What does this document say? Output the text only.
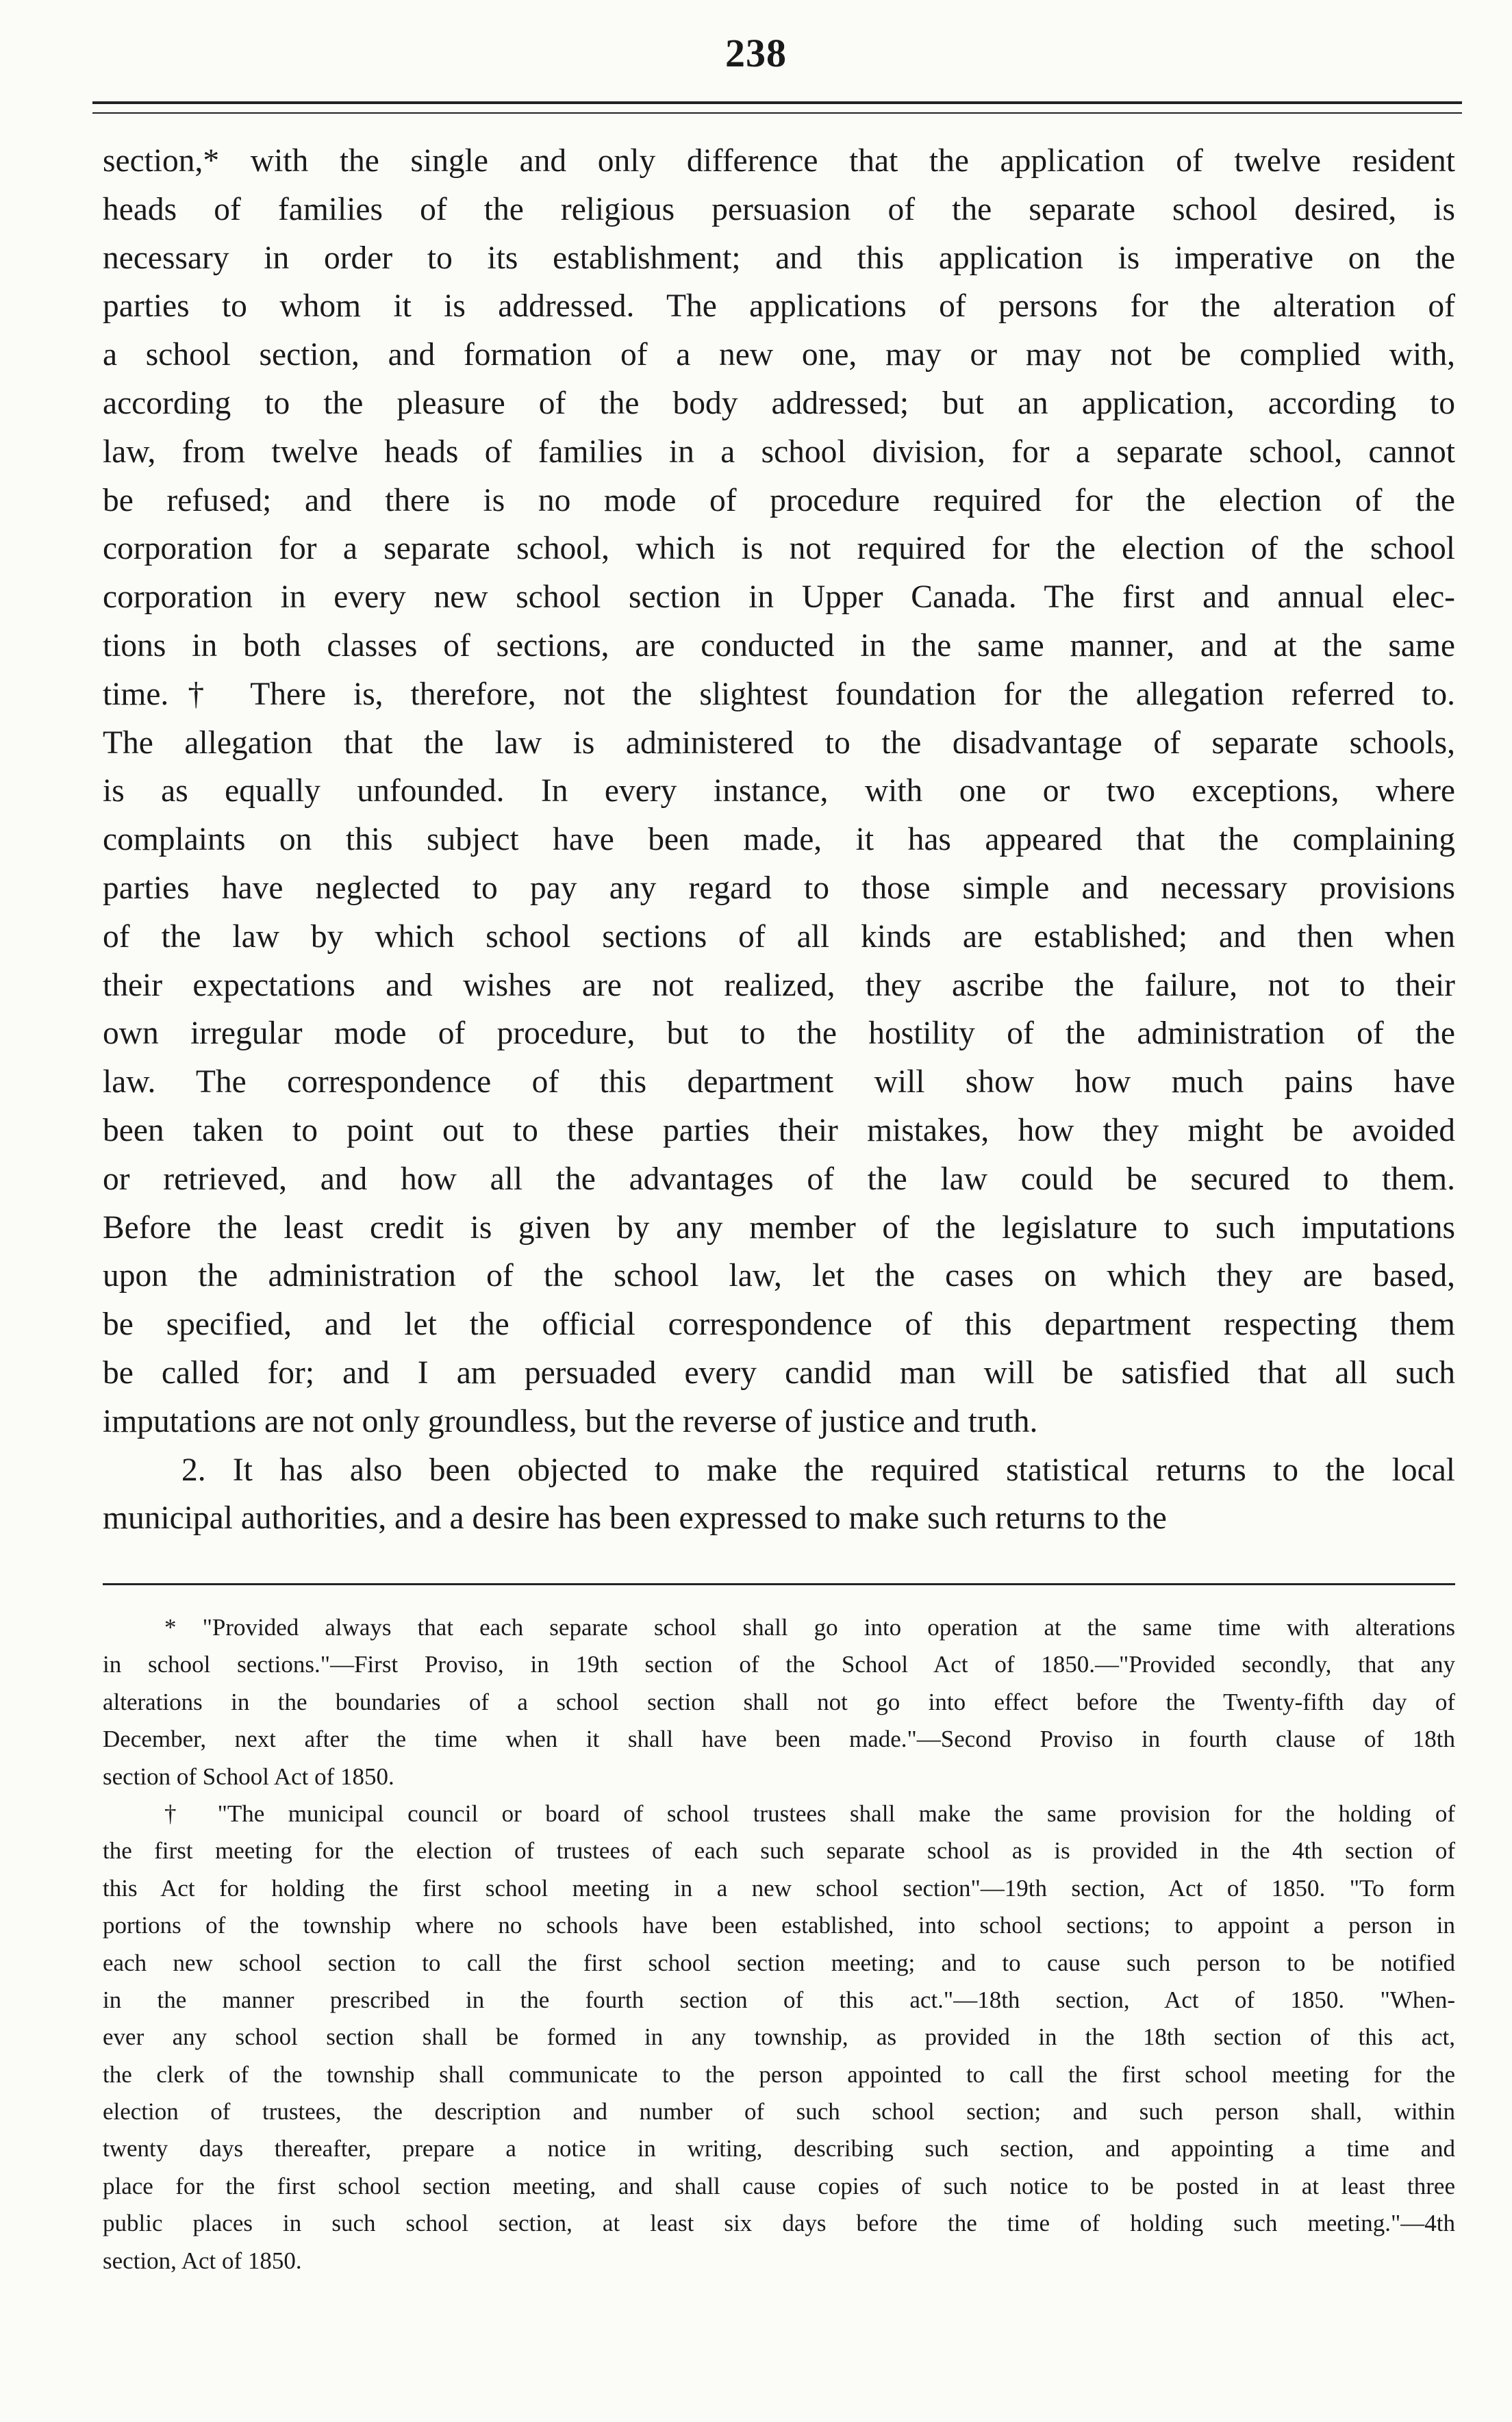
238
section,* with the single and only difference that the application of twelve resident
heads of families of the religious persuasion of the separate school desired, is
necessary in order to its establishment; and this application is imperative on the
parties to whom it is addressed. The applications of persons for the alteration of
a school section, and formation of a new one, may or may not be complied with,
according to the pleasure of the body addressed; but an application, according to
law, from twelve heads of families in a school division, for a separate school, cannot
be refused; and there is no mode of procedure required for the election of the
corporation for a separate school, which is not required for the election of the school
corporation in every new school section in Upper Canada. The first and annual elec-
tions in both classes of sections, are conducted in the same manner, and at the same
time.† There is, therefore, not the slightest foundation for the allegation referred to.
The allegation that the law is administered to the disadvantage of separate schools,
is as equally unfounded. In every instance, with one or two exceptions, where
complaints on this subject have been made, it has appeared that the complaining
parties have neglected to pay any regard to those simple and necessary provisions
of the law by which school sections of all kinds are established; and then when
their expectations and wishes are not realized, they ascribe the failure, not to their
own irregular mode of procedure, but to the hostility of the administration of the
law. The correspondence of this department will show how much pains have
been taken to point out to these parties their mistakes, how they might be avoided
or retrieved, and how all the advantages of the law could be secured to them.
Before the least credit is given by any member of the legislature to such imputations
upon the administration of the school law, let the cases on which they are based,
be specified, and let the official correspondence of this department respecting them
be called for; and I am persuaded every candid man will be satisfied that all such
imputations are not only groundless, but the reverse of justice and truth.
2. It has also been objected to make the required statistical returns to the local
municipal authorities, and a desire has been expressed to make such returns to the
* "Provided always that each separate school shall go into operation at the same time with alterations
in school sections."—First Proviso, in 19th section of the School Act of 1850.—"Provided secondly, that any
alterations in the boundaries of a school section shall not go into effect before the Twenty-fifth day of
December, next after the time when it shall have been made."—Second Proviso in fourth clause of 18th
section of School Act of 1850.
† "The municipal council or board of school trustees shall make the same provision for the holding of
the first meeting for the election of trustees of each such separate school as is provided in the 4th section of
this Act for holding the first school meeting in a new school section"—19th section, Act of 1850. "To form
portions of the township where no schools have been established, into school sections; to appoint a person in
each new school section to call the first school section meeting; and to cause such person to be notified
in the manner prescribed in the fourth section of this act."—18th section, Act of 1850. "When-
ever any school section shall be formed in any township, as provided in the 18th section of this act,
the clerk of the township shall communicate to the person appointed to call the first school meeting for the
election of trustees, the description and number of such school section; and such person shall, within
twenty days thereafter, prepare a notice in writing, describing such section, and appointing a time and
place for the first school section meeting, and shall cause copies of such notice to be posted in at least three
public places in such school section, at least six days before the time of holding such meeting."—4th
section, Act of 1850.
